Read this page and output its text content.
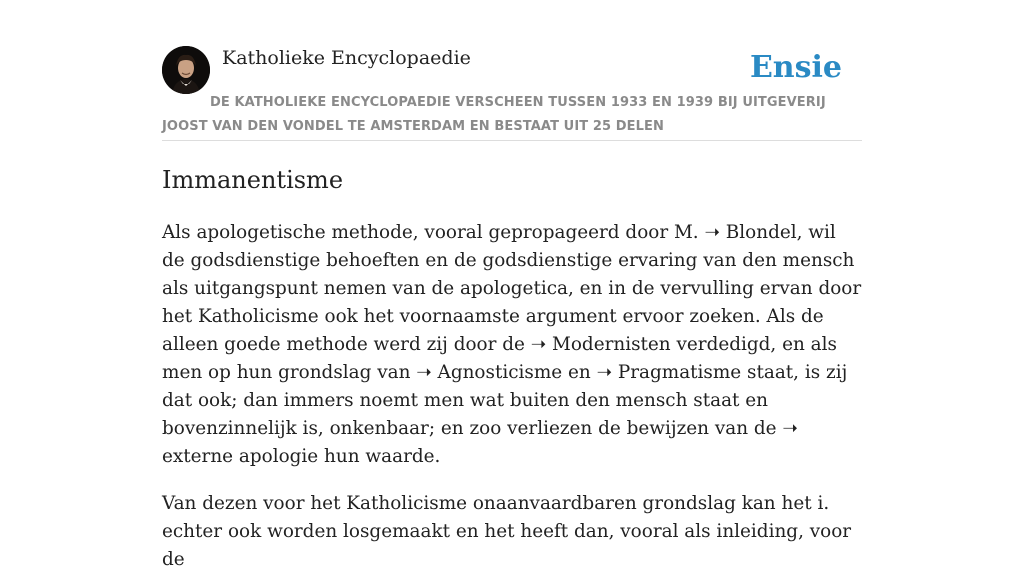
Katholieke Encyclopaedie	Ensie
DE KATHOLIEKE ENCYCLOPAEDIE VERSCHEEN TUSSEN 1933 EN 1939 BIJ UITGEVERIJ JOOST VAN DEN VONDEL TE AMSTERDAM EN BESTAAT UIT 25 DELEN
Immanentisme

Als apologetische methode, vooral gepropageerd door M. ➝ Blondel, wil de godsdienstige behoeften en de godsdienstige ervaring van den mensch als uitgangspunt nemen van de apologetica, en in de vervulling ervan door het Katholicisme ook het voornaamste argument ervoor zoeken. Als de alleen goede methode werd zij door de ➝ Modernisten verdedigd, en als men op hun grondslag van ➝ Agnosticisme en ➝ Pragmatisme staat, is zij dat ook; dan immers noemt men wat buiten den mensch staat en bovenzinnelijk is, onkenbaar; en zoo verliezen de bewijzen van de ➝ externe apologie hun waarde.

Van dezen voor het Katholicisme onaanvaardbaren grondslag kan het i. echter ook worden losgemaakt en het heeft dan, vooral als inleiding, voor de
